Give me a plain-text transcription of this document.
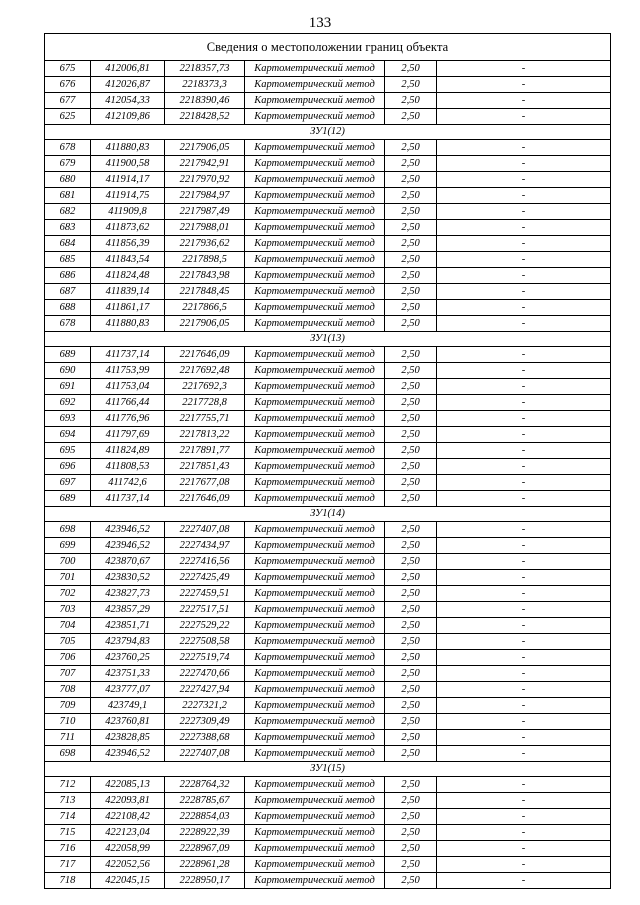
133
Сведения о местоположении границ объекта					
675	412006,81	2218357,73	Картометрический метод	2,50	-
676	412026,87	2218373,3	Картометрический метод	2,50	-
677	412054,33	2218390,46	Картометрический метод	2,50	-
625	412109,86	2218428,52	Картометрический метод	2,50	-
ЗУ1(12)					
678	411880,83	2217906,05	Картометрический метод	2,50	-
679	411900,58	2217942,91	Картометрический метод	2,50	-
680	411914,17	2217970,92	Картометрический метод	2,50	-
681	411914,75	2217984,97	Картометрический метод	2,50	-
682	411909,8	2217987,49	Картометрический метод	2,50	-
683	411873,62	2217988,01	Картометрический метод	2,50	-
684	411856,39	2217936,62	Картометрический метод	2,50	-
685	411843,54	2217898,5	Картометрический метод	2,50	-
686	411824,48	2217843,98	Картометрический метод	2,50	-
687	411839,14	2217848,45	Картометрический метод	2,50	-
688	411861,17	2217866,5	Картометрический метод	2,50	-
678	411880,83	2217906,05	Картометрический метод	2,50	-
ЗУ1(13)					
689	411737,14	2217646,09	Картометрический метод	2,50	-
690	411753,99	2217692,48	Картометрический метод	2,50	-
691	411753,04	2217692,3	Картометрический метод	2,50	-
692	411766,44	2217728,8	Картометрический метод	2,50	-
693	411776,96	2217755,71	Картометрический метод	2,50	-
694	411797,69	2217813,22	Картометрический метод	2,50	-
695	411824,89	2217891,77	Картометрический метод	2,50	-
696	411808,53	2217851,43	Картометрический метод	2,50	-
697	411742,6	2217677,08	Картометрический метод	2,50	-
689	411737,14	2217646,09	Картометрический метод	2,50	-
ЗУ1(14)					
698	423946,52	2227407,08	Картометрический метод	2,50	-
699	423946,52	2227434,97	Картометрический метод	2,50	-
700	423870,67	2227416,56	Картометрический метод	2,50	-
701	423830,52	2227425,49	Картометрический метод	2,50	-
702	423827,73	2227459,51	Картометрический метод	2,50	-
703	423857,29	2227517,51	Картометрический метод	2,50	-
704	423851,71	2227529,22	Картометрический метод	2,50	-
705	423794,83	2227508,58	Картометрический метод	2,50	-
706	423760,25	2227519,74	Картометрический метод	2,50	-
707	423751,33	2227470,66	Картометрический метод	2,50	-
708	423777,07	2227427,94	Картометрический метод	2,50	-
709	423749,1	2227321,2	Картометрический метод	2,50	-
710	423760,81	2227309,49	Картометрический метод	2,50	-
711	423828,85	2227388,68	Картометрический метод	2,50	-
698	423946,52	2227407,08	Картометрический метод	2,50	-
ЗУ1(15)					
712	422085,13	2228764,32	Картометрический метод	2,50	-
713	422093,81	2228785,67	Картометрический метод	2,50	-
714	422108,42	2228854,03	Картометрический метод	2,50	-
715	422123,04	2228922,39	Картометрический метод	2,50	-
716	422058,99	2228967,09	Картометрический метод	2,50	-
717	422052,56	2228961,28	Картометрический метод	2,50	-
718	422045,15	2228950,17	Картометрический метод	2,50	-
